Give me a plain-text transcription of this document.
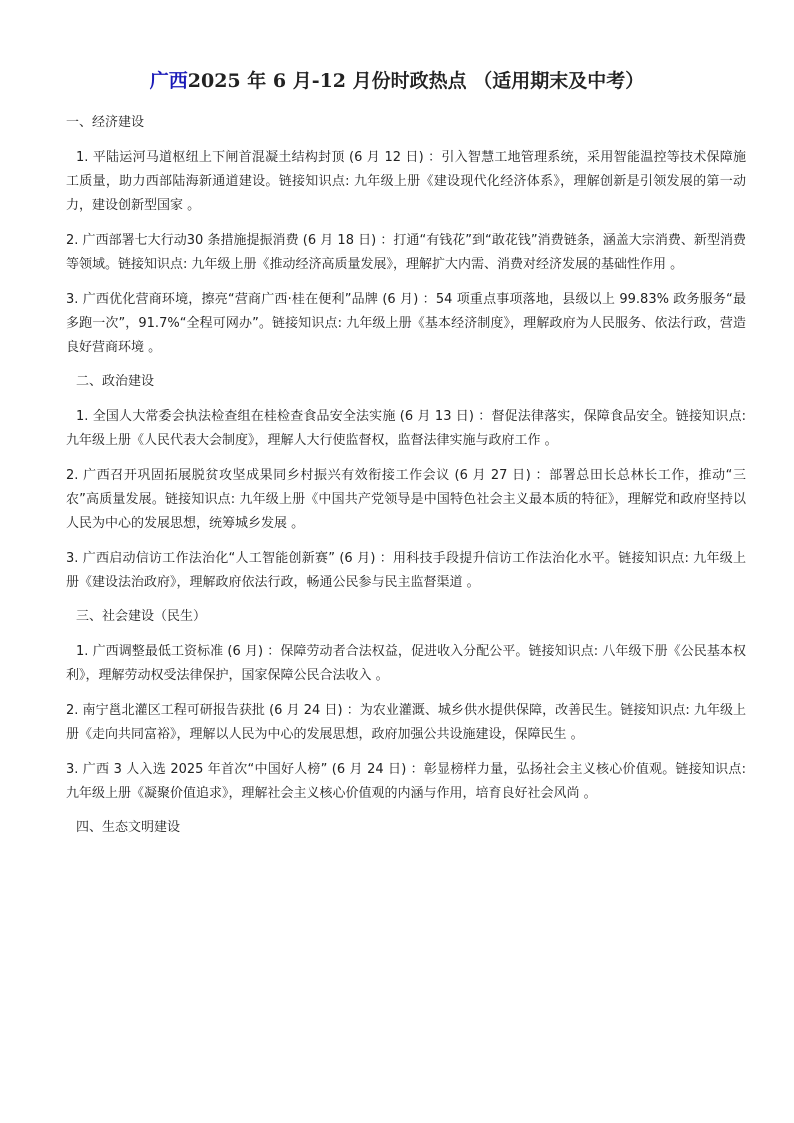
广西2025 年 6 月-12 月份时政热点 （适用期末及中考）
一、经济建设

1. 平陆运河马道枢纽上下闸首混凝土结构封顶 (6 月 12 日) ：引入智慧工地管理系统，采用智能温控等技术保障施工质量，助力西部陆海新通道建设。链接知识点: 九年级上册《建设现代化经济体系》，理解创新是引领发展的第一动力，建设创新型国家 。

2. 广西部署七大行动30 条措施提振消费 (6 月 18 日) ：打通“有钱花”到“敢花钱”消费链条，涵盖大宗消费、新型消费等领域。链接知识点: 九年级上册《推动经济高质量发展》，理解扩大内需、消费对经济发展的基础性作用 。

3. 广西优化营商环境，擦亮“营商广西·桂在便利”品牌 (6 月) ：54 项重点事项落地，县级以上 99.83% 政务服务“最多跑一次”，91.7%“全程可网办”。链接知识点: 九年级上册《基本经济制度》，理解政府为人民服务、依法行政，营造良好营商环境 。

二、政治建设

1. 全国人大常委会执法检查组在桂检查食品安全法实施 (6 月 13 日) ：督促法律落实，保障食品安全。链接知识点: 九年级上册《人民代表大会制度》，理解人大行使监督权，监督法律实施与政府工作 。

2. 广西召开巩固拓展脱贫攻坚成果同乡村振兴有效衔接工作会议 (6 月 27 日) ：部署总田长总林长工作，推动“三农”高质量发展。链接知识点: 九年级上册《中国共产党领导是中国特色社会主义最本质的特征》，理解党和政府坚持以人民为中心的发展思想，统筹城乡发展 。

3. 广西启动信访工作法治化“人工智能创新赛” (6 月) ：用科技手段提升信访工作法治化水平。链接知识点: 九年级上册《建设法治政府》，理解政府依法行政，畅通公民参与民主监督渠道 。

三、社会建设（民生）

1. 广西调整最低工资标准 (6 月) ：保障劳动者合法权益，促进收入分配公平。链接知识点: 八年级下册《公民基本权利》，理解劳动权受法律保护，国家保障公民合法收入 。

2. 南宁邕北灌区工程可研报告获批 (6 月 24 日) ：为农业灌溉、城乡供水提供保障，改善民生。链接知识点: 九年级上册《走向共同富裕》，理解以人民为中心的发展思想，政府加强公共设施建设，保障民生 。

3. 广西 3 人入选 2025 年首次“中国好人榜” (6 月 24 日) ：彰显榜样力量，弘扬社会主义核心价值观。链接知识点: 九年级上册《凝聚价值追求》，理解社会主义核心价值观的内涵与作用，培育良好社会风尚 。

四、生态文明建设
